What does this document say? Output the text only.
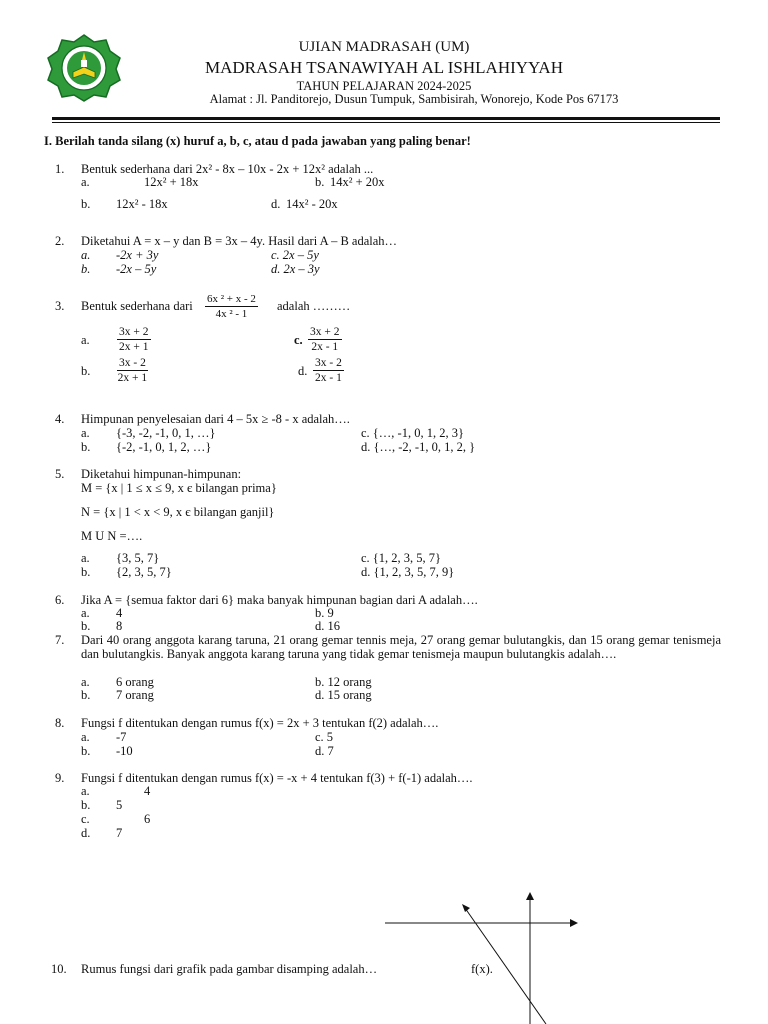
UJIAN MADRASAH (UM)
MADRASAH TSANAWIYAH AL ISHLAHIYYAH
TAHUN PELAJARAN 2024-2025
Alamat : Jl. Panditorejo, Dusun Tumpuk, Sambisirah, Wonorejo, Kode Pos 67173
I. Berilah tanda silang (x) huruf a, b, c, atau d pada jawaban yang paling benar!
1. Bentuk sederhana dari 2x² - 8x – 10x - 2x + 12x² adalah ...
a.	12x² + 18x	b. 14x² + 20x
b. 12x² - 18x	d. 14x² - 20x
2. Diketahui A = x – y dan B = 3x – 4y. Hasil dari A – B adalah…
a. -2x + 3y	c. 2x – 5y
b. -2x – 5y	d. 2x – 3y
3. Bentuk sederhana dari $\frac{\text{6x ² + x - 2}}{\text{4x ² - 1}}$ adalah ………
a. $\frac{3x + 2}{2x + 1}$	c. $\frac{3x + 2}{2x - 1}$
b. $\frac{3x - 2}{2x + 1}$	d. $\frac{3x - 2}{2x - 1}$
4. Himpunan penyelesaian dari 4 – 5x ≥ -8 - x adalah….
a. {-3, -2, -1, 0, 1, …}	c. {…, -1, 0, 1, 2, 3}
b. {-2, -1, 0, 1, 2, …}	d. {…, -2, -1, 0, 1, 2, }
5. Diketahui himpunan-himpunan:
M = {x | 1 ≤ x ≤ 9, x є bilangan prima}
N = {x | 1 < x < 9, x є bilangan ganjil}
M U N =….
a. {3, 5, 7}	c. {1, 2, 3, 5, 7}
b. {2, 3, 5, 7}	d. {1, 2, 3, 5, 7, 9}
6. Jika A = {semua faktor dari 6} maka banyak himpunan bagian dari A adalah….
a. 4	b. 9
b. 8	d. 16
7. Dari 40 orang anggota karang taruna, 21 orang gemar tennis meja, 27 orang gemar bulutangkis, dan 15 orang gemar tenismeja dan bulutangkis. Banyak anggota karang taruna yang tidak gemar tenismeja maupun bulutangkis adalah….
a. 6 orang	b. 12 orang
b. 7 orang	d. 15 orang
8. Fungsi f ditentukan dengan rumus f(x) = 2x + 3 tentukan f(2) adalah….
a. -7	c. 5
b. -10	d. 7
9. Fungsi f ditentukan dengan rumus f(x) = -x + 4 tentukan f(3) + f(-1) adalah….
a.	4
b. 5
c.	6
d. 7
10. Rumus fungsi dari grafik pada gambar disamping adalah…	f(x).
